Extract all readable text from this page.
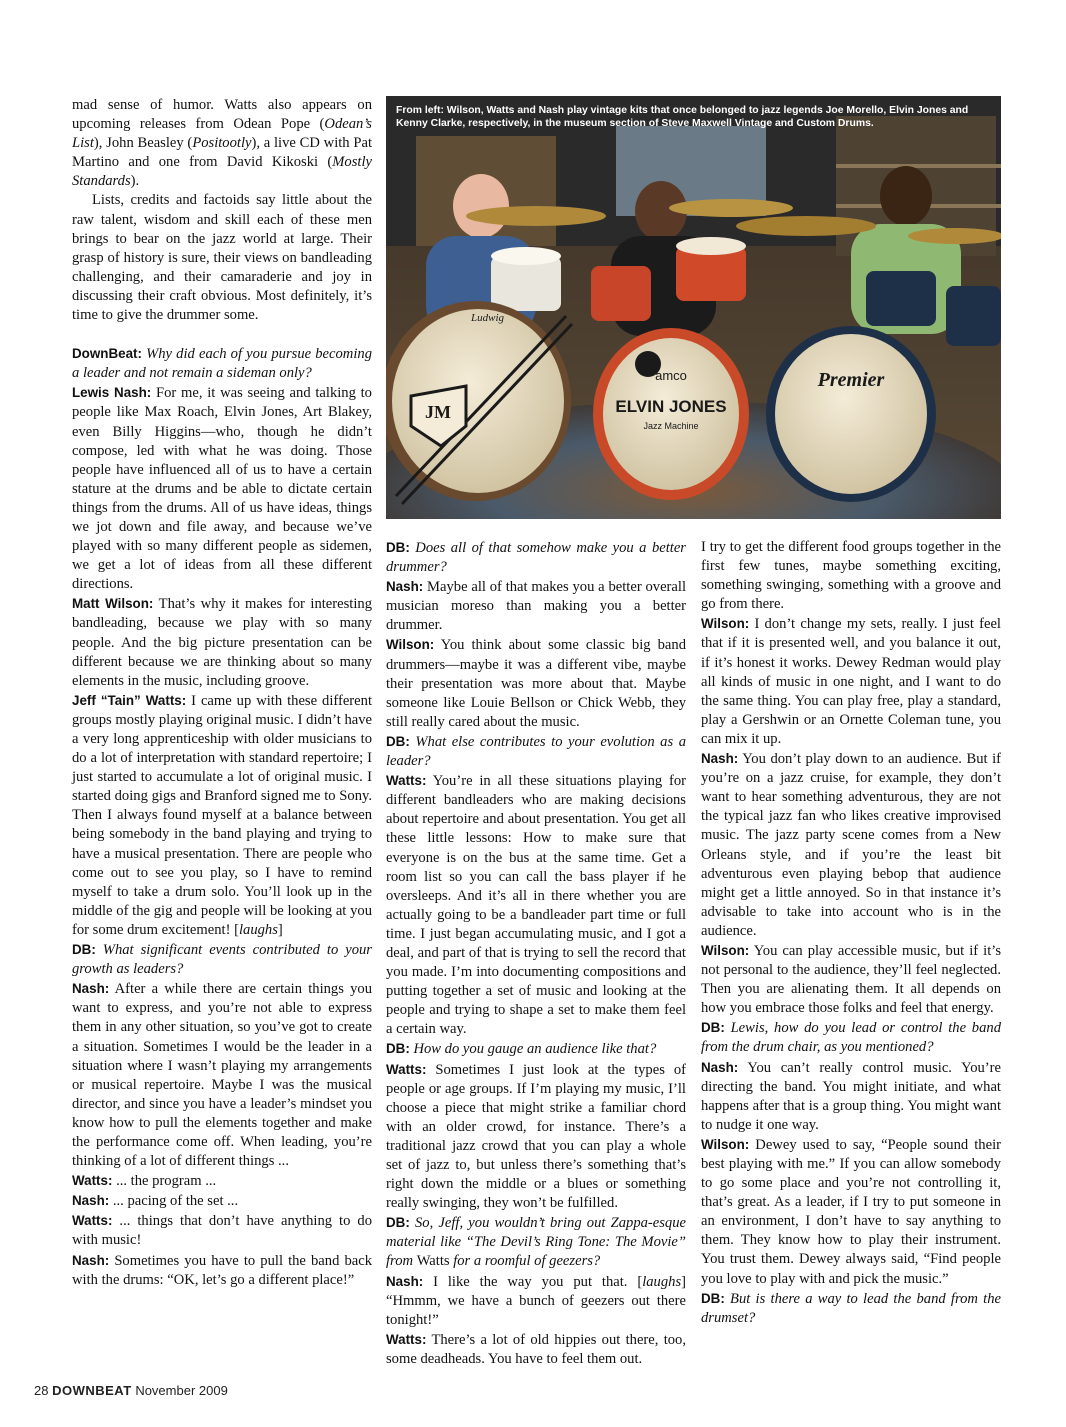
mad sense of humor. Watts also appears on upcoming releases from Odean Pope (Odean’s List), John Beasley (Positootly), a live CD with Pat Martino and one from David Kikoski (Mostly Standards).

Lists, credits and factoids say little about the raw talent, wisdom and skill each of these men brings to bear on the jazz world at large. Their grasp of history is sure, their views on bandleading challenging, and their camaraderie and joy in discussing their craft obvious. Most definitely, it’s time to give the drummer some.

DownBeat: Why did each of you pursue becoming a leader and not remain a sideman only?

Lewis Nash: For me, it was seeing and talking to people like Max Roach, Elvin Jones, Art Blakey, even Billy Higgins—who, though he didn’t compose, led with what he was doing. Those people have influenced all of us to have a certain stature at the drums and be able to dictate certain things from the drums. All of us have ideas, things we jot down and file away, and because we’ve played with so many different people as sidemen, we get a lot of ideas from all these different directions.

Matt Wilson: That’s why it makes for interesting bandleading, because we play with so many people. And the big picture presentation can be different because we are thinking about so many elements in the music, including groove.

Jeff “Tain” Watts: I came up with these different groups mostly playing original music. I didn’t have a very long apprenticeship with older musicians to do a lot of interpretation with standard repertoire; I just started to accumulate a lot of original music. I started doing gigs and Branford signed me to Sony. Then I always found myself at a balance between being somebody in the band playing and trying to have a musical presentation. There are people who come out to see you play, so I have to remind myself to take a drum solo. You’ll look up in the middle of the gig and people will be looking at you for some drum excitement! [laughs]

DB: What significant events contributed to your growth as leaders?

Nash: After a while there are certain things you want to express, and you’re not able to express them in any other situation, so you’ve got to create a situation. Sometimes I would be the leader in a situation where I wasn’t playing my arrangements or musical repertoire. Maybe I was the musical director, and since you have a leader’s mindset you know how to pull the elements together and make the performance come off. When leading, you’re thinking of a lot of different things ...

Watts: ... the program ...

Nash: ... pacing of the set ...

Watts: ... things that don’t have anything to do with music!

Nash: Sometimes you have to pull the band back with the drums: “OK, let’s go a different place!”

JM
Ludwig
amco
ELVIN JONES
Jazz Machine
Premier
From left: Wilson, Watts and Nash play vintage kits that once belonged to jazz legends Joe Morello, Elvin Jones and Kenny Clarke, respectively, in the museum section of Steve Maxwell Vintage and Custom Drums.

DB: Does all of that somehow make you a better drummer?

Nash: Maybe all of that makes you a better overall musician moreso than making you a better drummer.

Wilson: You think about some classic big band drummers—maybe it was a different vibe, maybe their presentation was more about that. Maybe someone like Louie Bellson or Chick Webb, they still really cared about the music.

DB: What else contributes to your evolution as a leader?

Watts: You’re in all these situations playing for different bandleaders who are making decisions about repertoire and about presentation. You get all these little lessons: How to make sure that everyone is on the bus at the same time. Get a room list so you can call the bass player if he oversleeps. And it’s all in there whether you are actually going to be a bandleader part time or full time. I just began accumulating music, and I got a deal, and part of that is trying to sell the record that you made. I’m into documenting compositions and putting together a set of music and looking at the people and trying to shape a set to make them feel a certain way.

DB: How do you gauge an audience like that?

Watts: Sometimes I just look at the types of people or age groups. If I’m playing my music, I’ll choose a piece that might strike a familiar chord with an older crowd, for instance. There’s a traditional jazz crowd that you can play a whole set of jazz to, but unless there’s something that’s right down the middle or a blues or something really swinging, they won’t be fulfilled.

DB: So, Jeff, you wouldn’t bring out Zappa-esque material like “The Devil’s Ring Tone: The Movie” from Watts for a roomful of geezers?

Nash: I like the way you put that. [laughs] “Hmmm, we have a bunch of geezers out there tonight!”

Watts: There’s a lot of old hippies out there, too, some deadheads. You have to feel them out.

I try to get the different food groups together in the first few tunes, maybe something exciting, something swinging, something with a groove and go from there.

Wilson: I don’t change my sets, really. I just feel that if it is presented well, and you balance it out, if it’s honest it works. Dewey Redman would play all kinds of music in one night, and I want to do the same thing. You can play free, play a standard, play a Gershwin or an Ornette Coleman tune, you can mix it up.

Nash: You don’t play down to an audience. But if you’re on a jazz cruise, for example, they don’t want to hear something adventurous, they are not the typical jazz fan who likes creative improvised music. The jazz party scene comes from a New Orleans style, and if you’re the least bit adventurous even playing bebop that audience might get a little annoyed. So in that instance it’s advisable to take into account who is in the audience.

Wilson: You can play accessible music, but if it’s not personal to the audience, they’ll feel neglected. Then you are alienating them. It all depends on how you embrace those folks and feel that energy.

DB: Lewis, how do you lead or control the band from the drum chair, as you mentioned?

Nash: You can’t really control music. You’re directing the band. You might initiate, and what happens after that is a group thing. You might want to nudge it one way.

Wilson: Dewey used to say, “People sound their best playing with me.” If you can allow somebody to go some place and you’re not controlling it, that’s great. As a leader, if I try to put someone in an environment, I don’t have to say anything to them. They know how to play their instrument. You trust them. Dewey always said, “Find people you love to play with and pick the music.”

DB: But is there a way to lead the band from the drumset?

28 DOWNBEAT November 2009
